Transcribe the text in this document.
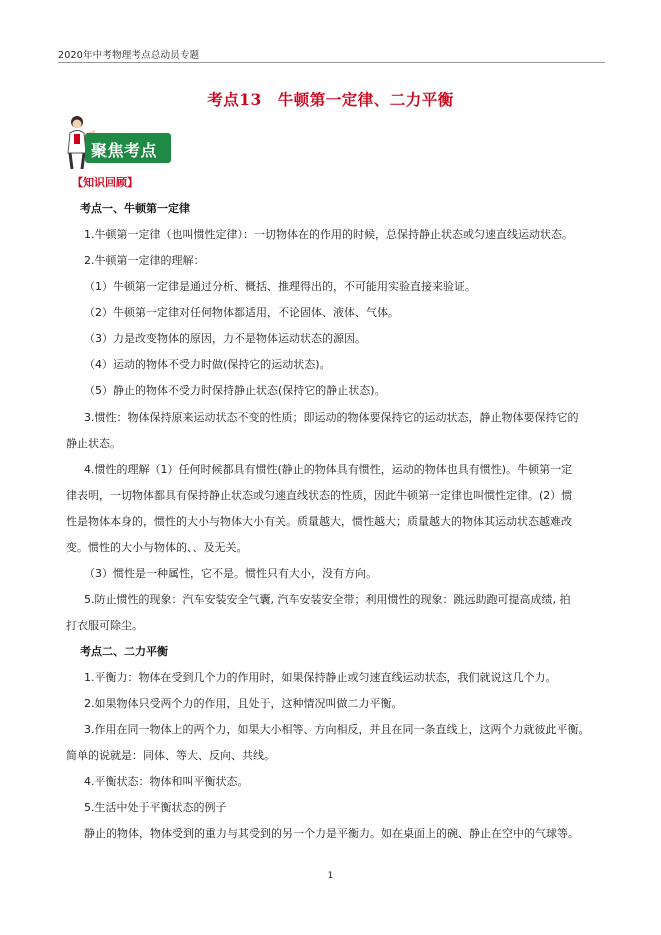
2020年中考物理考点总动员专题
考点13　牛顿第一定律、二力平衡
聚焦考点
【知识回顾】
考点一、牛顿第一定律
1.牛顿第一定律（也叫惯性定律）：一切物体在的作用的时候，总保持静止状态或匀速直线运动状态。
2.牛顿第一定律的理解：
（1）牛顿第一定律是通过分析、概括、推理得出的，不可能用实验直接来验证。
（2）牛顿第一定律对任何物体都适用，不论固体、液体、气体。
（3）力是改变物体的原因，力不是物体运动状态的源因。
（4）运动的物体不受力时做(保持它的运动状态)。
（5）静止的物体不受力时保持静止状态(保持它的静止状态)。
3.惯性：物体保持原来运动状态不变的性质；即运动的物体要保持它的运动状态，静止物体要保持它的
静止状态。
4.惯性的理解（1）任何时候都具有惯性(静止的物体具有惯性，运动的物体也具有惯性)。牛顿第一定
律表明，一切物体都具有保持静止状态或匀速直线状态的性质，因此牛顿第一定律也叫惯性定律。(2）惯
性是物体本身的，惯性的大小与物体大小有关。质量越大，惯性越大；质量越大的物体其运动状态越难改
变。惯性的大小与物体的、、及无关。
（3）惯性是一种属性，它不是。惯性只有大小，没有方向。
5.防止惯性的现象：汽车安装安全气囊, 汽车安装安全带；利用惯性的现象：跳远助跑可提高成绩, 拍
打衣服可除尘。
考点二、二力平衡
1.平衡力：物体在受到几个力的作用时，如果保持静止或匀速直线运动状态，我们就说这几个力。
2.如果物体只受两个力的作用，且处于，这种情况叫做二力平衡。
3.作用在同一物体上的两个力，如果大小相等、方向相反，并且在同一条直线上，这两个力就彼此平衡。
简单的说就是：同体、等大、反向、共线。
4.平衡状态：物体和叫平衡状态。
5.生活中处于平衡状态的例子
静止的物体，物体受到的重力与其受到的另一个力是平衡力。如在桌面上的碗、静止在空中的气球等。
1
